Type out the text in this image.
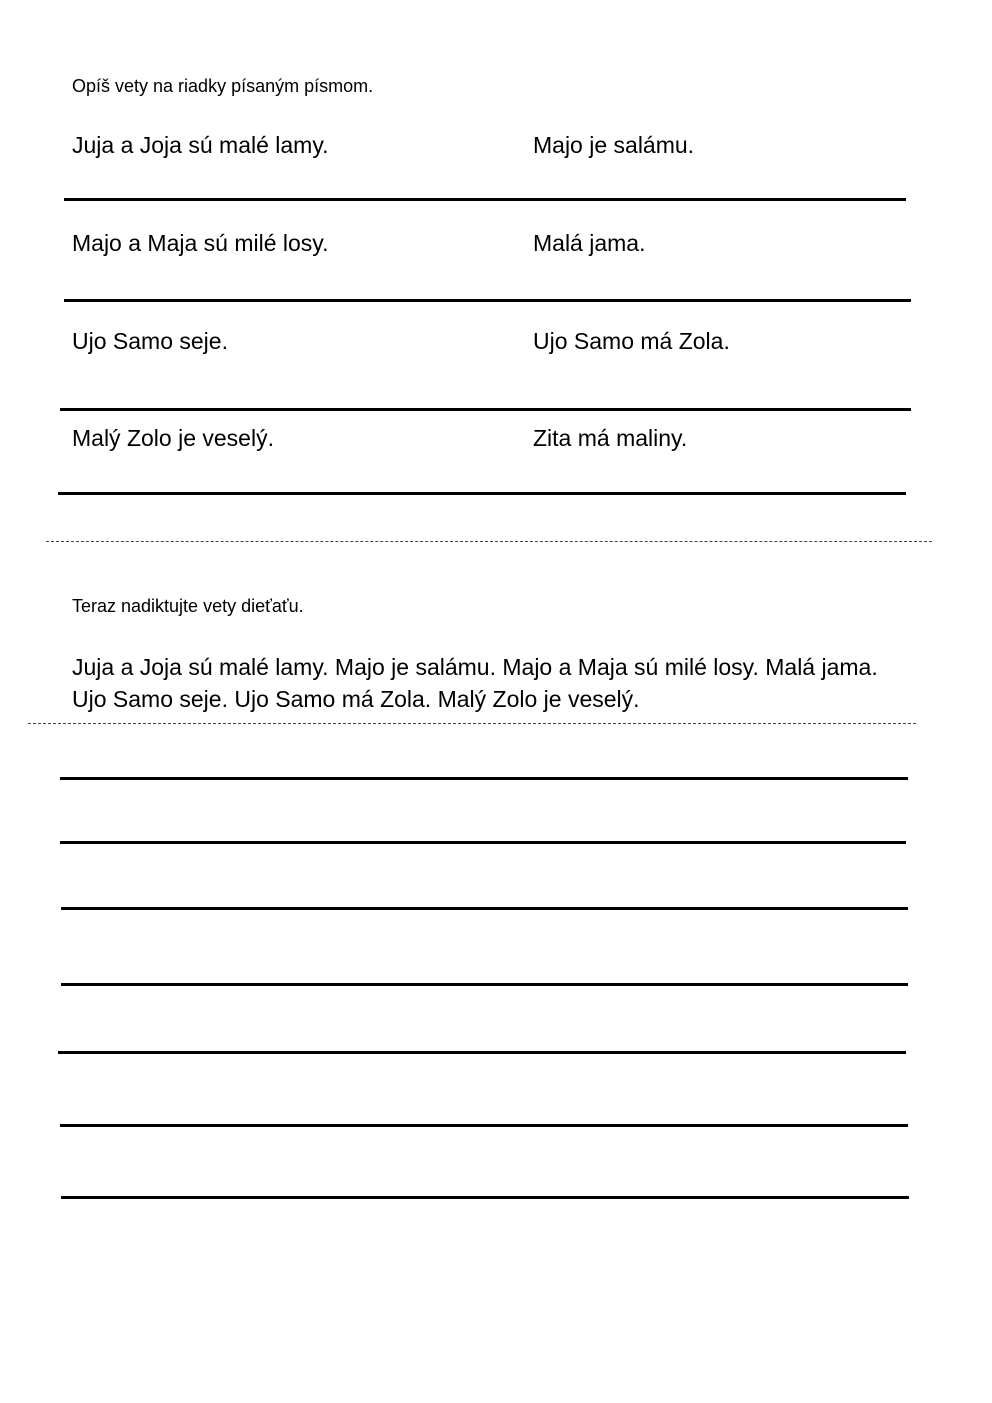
Opíš vety na riadky písaným písmom.
Juja a Joja sú malé lamy.	Majo je salámu.
Majo a Maja sú milé losy.	Malá jama.
Ujo Samo seje.	Ujo Samo má Zola.
Malý Zolo je veselý.	Zita má maliny.
Teraz nadiktujte vety dieťaťu.
Juja a Joja sú malé lamy. Majo je salámu. Majo a Maja sú milé losy. Malá jama.
Ujo Samo seje. Ujo Samo má Zola. Malý Zolo je veselý.
